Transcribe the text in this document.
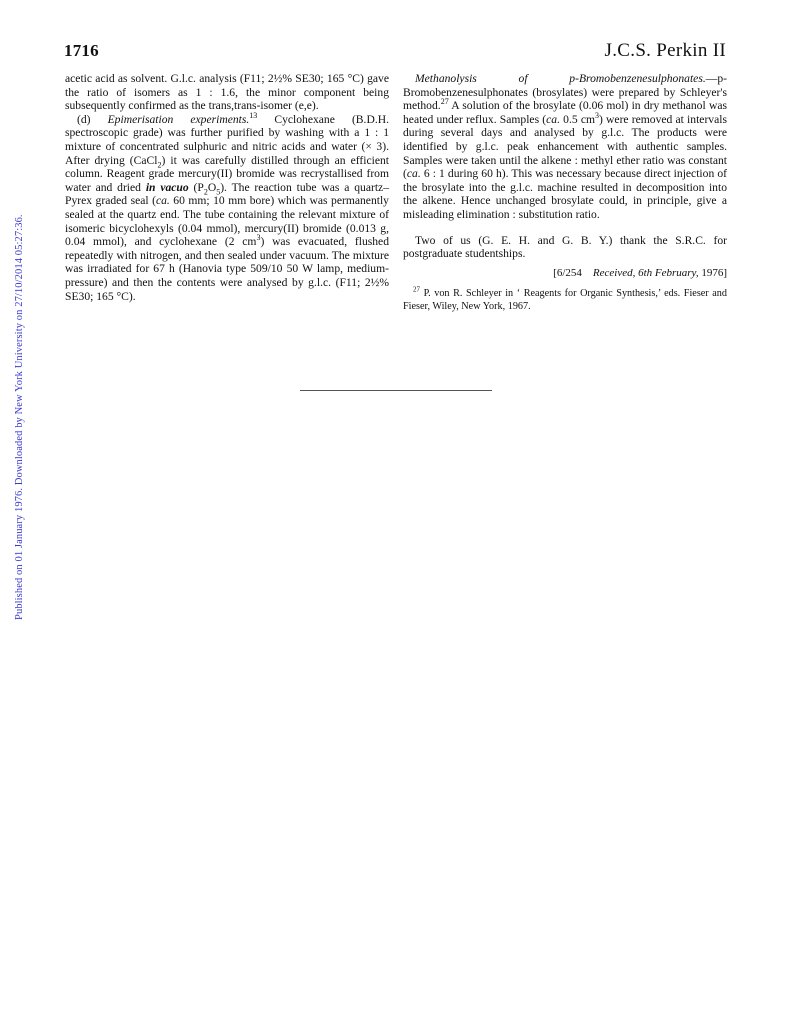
1716	J.C.S. Perkin II
Published on 01 January 1976. Downloaded by New York University on 27/10/2014 05:27:36.

acetic acid as solvent. G.l.c. analysis (F11; 2½% SE30; 165 °C) gave the ratio of isomers as 1 : 1.6, the minor component being subsequently confirmed as the trans,trans-isomer (e,e).

(d) Epimerisation experiments.$^{13}$ Cyclohexane (B.D.H. spectroscopic grade) was further purified by washing with a 1 : 1 mixture of concentrated sulphuric and nitric acids and water (× 3). After drying (CaCl$_2$) it was carefully distilled through an efficient column. Reagent grade mercury(II) bromide was recrystallised from water and dried in vacuo $(P_2O_5)$. The reaction tube was a quartz–Pyrex graded seal (ca. 60 mm; 10 mm bore) which was permanently sealed at the quartz end. The tube containing the relevant mixture of isomeric bicyclohexyls (0.04 mmol), mercury(II) bromide (0.013 g, 0.04 mmol), and cyclohexane (2 $cm^3$) was evacuated, flushed repeatedly with nitrogen, and then sealed under vacuum. The mixture was irradiated for 67 h (Hanovia type 509/10 50 W lamp, medium-pressure) and then the contents were analysed by g.l.c. (F11; 2½% SE30; 165 °C).

Methanolysis of p-Bromobenzenesulphonates.—p-Bromobenzenesulphonates (brosylates) were prepared by Schleyer's method.$^{27}$ A solution of the brosylate (0.06 mol) in dry methanol was heated under reflux. Samples (ca. 0.5 $cm^3$) were removed at intervals during several days and analysed by g.l.c. The products were identified by g.l.c. peak enhancement with authentic samples. Samples were taken until the alkene : methyl ether ratio was constant (ca. 6 : 1 during 60 h). This was necessary because direct injection of the brosylate into the g.l.c. machine resulted in decomposition into the alkene. Hence unchanged brosylate could, in principle, give a misleading elimination : substitution ratio.

Two of us (G. E. H. and G. B. Y.) thank the S.R.C. for postgraduate studentships.

[6/254 Received, 6th February, 1976]

$^{27}$ P. von R. Schleyer in ‘ Reagents for Organic Synthesis,’ eds. Fieser and Fieser, Wiley, New York, 1967.
